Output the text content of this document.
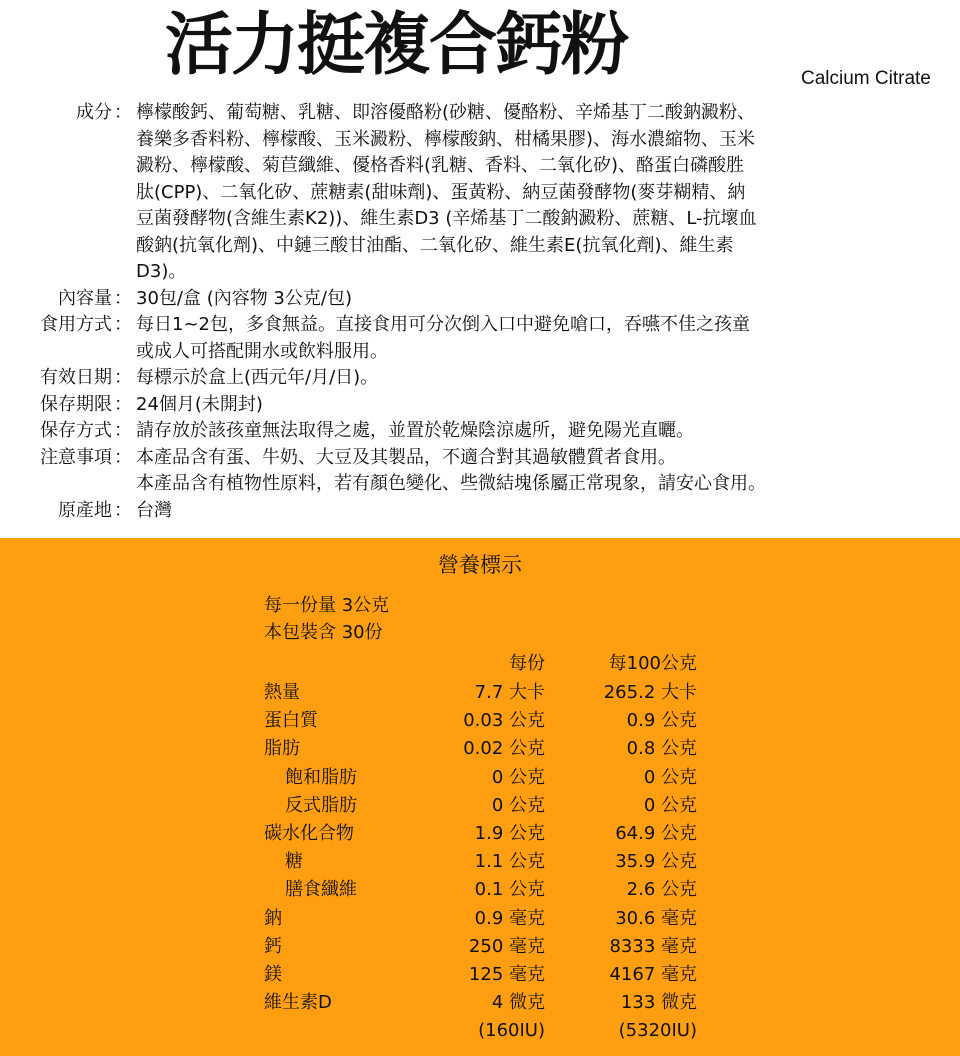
活力挺複合鈣粉	Calcium Citrate
成分 ： 檸檬酸鈣、葡萄糖、乳糖、即溶優酪粉(砂糖、優酪粉、辛烯基丁二酸鈉澱粉、
養樂多香料粉、檸檬酸、玉米澱粉、檸檬酸鈉、柑橘果膠)、海水濃縮物、玉米
澱粉、檸檬酸、菊苣纖維、優格香料(乳糖、香料、二氧化矽)、酪蛋白磷酸胜
肽(CPP)、二氧化矽、蔗糖素(甜味劑)、蛋黃粉、納豆菌發酵物(麥芽糊精、納
豆菌發酵物(含維生素K2))、維生素D3 (辛烯基丁二酸鈉澱粉、蔗糖、L-抗壞血
酸鈉(抗氧化劑)、中鏈三酸甘油酯、二氧化矽、維生素E(抗氧化劑)、維生素
D3)。
內容量 ： 30包/盒 (內容物 3公克/包)
食用方式 ： 每日1~2包，多食無益。直接食用可分次倒入口中避免嗆口，吞嚥不佳之孩童
或成人可搭配開水或飲料服用。
有效日期 ： 每標示於盒上(西元年/月/日)。
保存期限 ： 24個月(未開封)
保存方式 ： 請存放於該孩童無法取得之處，並置於乾燥陰涼處所，避免陽光直曬。
注意事項 ： 本產品含有蛋、牛奶、大豆及其製品，不適合對其過敏體質者食用。
本產品含有植物性原料，若有顏色變化、些微結塊係屬正常現象，請安心食用。
原產地 ： 台灣
營養標示
每一份量 3公克
本包裝含 30份
每份	每100公克
熱量	7.7 大卡	265.2 大卡
蛋白質	0.03 公克	0.9 公克
脂肪	0.02 公克	0.8 公克
飽和脂肪	0 公克	0 公克
反式脂肪	0 公克	0 公克
碳水化合物	1.9 公克	64.9 公克
糖	1.1 公克	35.9 公克
膳食纖維	0.1 公克	2.6 公克
鈉	0.9 毫克	30.6 毫克
鈣	250 毫克	8333 毫克
鎂	125 毫克	4167 毫克
維生素D	4 微克	133 微克
(160IU)	(5320IU)
